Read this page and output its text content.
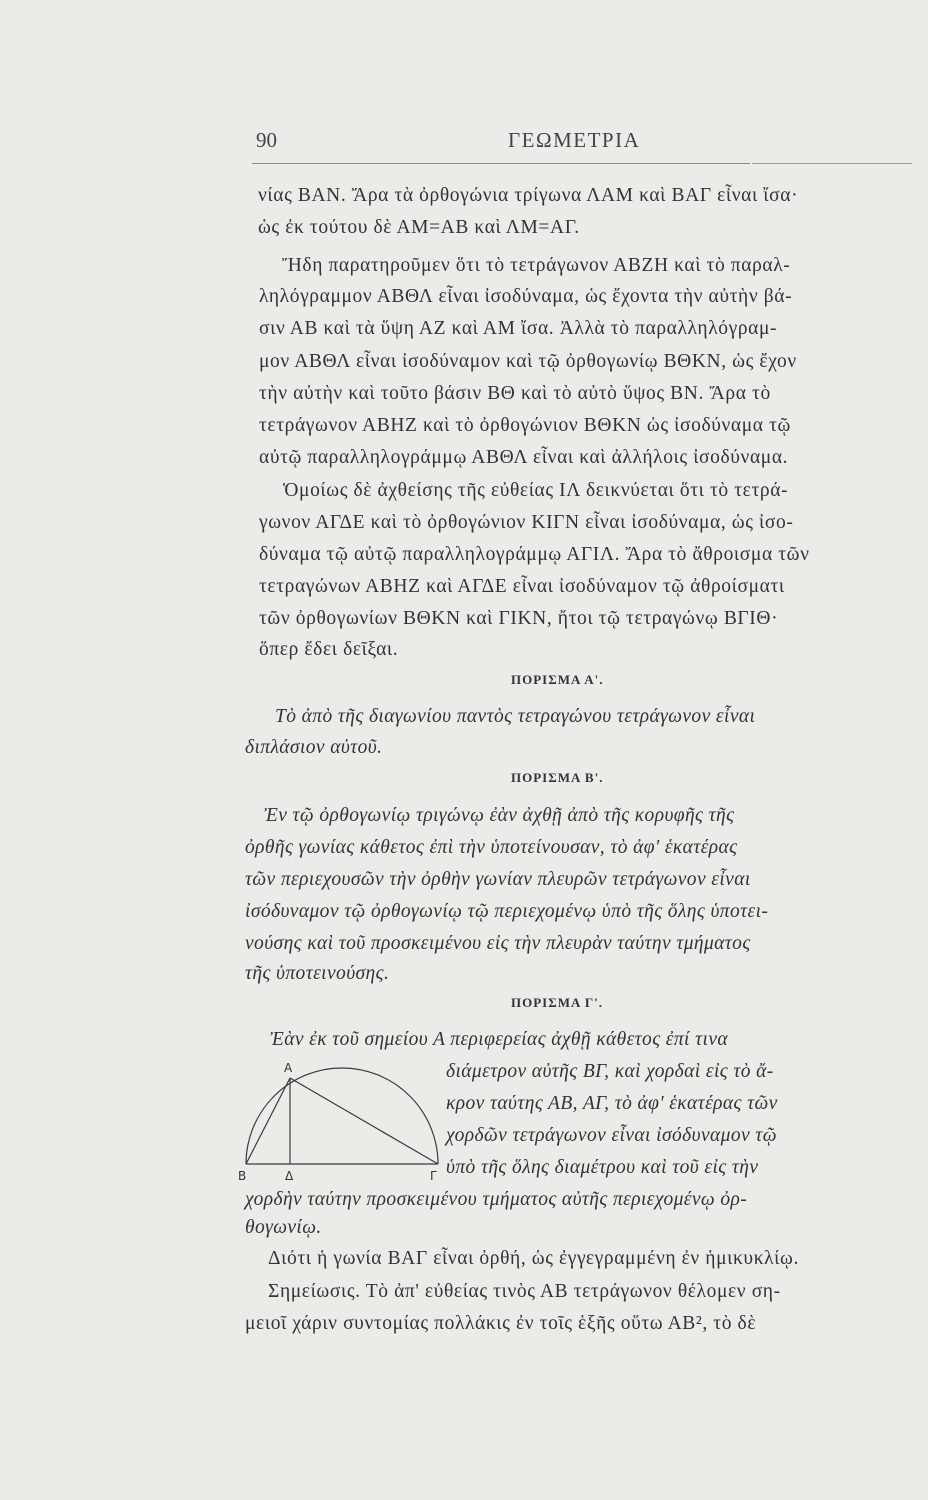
90	ΓΕΩΜΕΤΡΙΑ
νίας ΒΑΝ. Ἄρα τὰ ὀρθογώνια τρίγωνα ΛΑΜ καὶ ΒΑΓ εἶναι ἴσα·
ὡς ἐκ τούτου δὲ ΑΜ=ΑΒ καὶ ΛΜ=ΑΓ.
Ἤδη παρατηροῦμεν ὅτι τὸ τετράγωνον ΑΒΖΗ καὶ τὸ παραλ-
ληλόγραμμον ΑΒΘΛ εἶναι ἰσοδύναμα, ὡς ἔχοντα τὴν αὐτὴν βά-
σιν ΑΒ καὶ τὰ ὕψη ΑΖ καὶ ΑΜ ἴσα. Ἀλλὰ τὸ παραλληλόγραμ-
μον ΑΒΘΛ εἶναι ἰσοδύναμον καὶ τῷ ὀρθογωνίῳ ΒΘΚΝ, ὡς ἔχον
τὴν αὐτὴν καὶ τοῦτο βάσιν ΒΘ καὶ τὸ αὐτὸ ὕψος ΒΝ. Ἄρα τὸ
τετράγωνον ΑΒΗΖ καὶ τὸ ὀρθογώνιον ΒΘΚΝ ὡς ἰσοδύναμα τῷ
αὐτῷ παραλληλογράμμῳ ΑΒΘΛ εἶναι καὶ ἀλλήλοις ἰσοδύναμα.
Ὁμοίως δὲ ἀχθείσης τῆς εὐθείας ΙΛ δεικνύεται ὅτι τὸ τετρά-
γωνον ΑΓΔΕ καὶ τὸ ὀρθογώνιον ΚΙΓΝ εἶναι ἰσοδύναμα, ὡς ἰσο-
δύναμα τῷ αὐτῷ παραλληλογράμμῳ ΑΓΙΛ. Ἄρα τὸ ἄθροισμα τῶν
τετραγώνων ΑΒΗΖ καὶ ΑΓΔΕ εἶναι ἰσοδύναμον τῷ ἀθροίσματι
τῶν ὀρθογωνίων ΒΘΚΝ καὶ ΓΙΚΝ, ἤτοι τῷ τετραγώνῳ ΒΓΙΘ·
ὅπερ ἔδει δεῖξαι.
ΠΟΡΙΣΜΑ Α'.
Τὸ ἀπὸ τῆς διαγωνίου παντὸς τετραγώνου τετράγωνον εἶναι
διπλάσιον αὐτοῦ.
ΠΟΡΙΣΜΑ Β'.
Ἐν τῷ ὀρθογωνίῳ τριγώνῳ ἐὰν ἀχθῇ ἀπὸ τῆς κορυφῆς τῆς
ὀρθῆς γωνίας κάθετος ἐπὶ τὴν ὑποτείνουσαν, τὸ ἀφ' ἑκατέρας
τῶν περιεχουσῶν τὴν ὀρθὴν γωνίαν πλευρῶν τετράγωνον εἶναι
ἰσόδυναμον τῷ ὀρθογωνίῳ τῷ περιεχομένῳ ὑπὸ τῆς ὅλης ὑποτει-
νούσης καὶ τοῦ προσκειμένου εἰς τὴν πλευρὰν ταύτην τμήματος
τῆς ὑποτεινούσης.
ΠΟΡΙΣΜΑ Γ'.
Ἐὰν ἐκ τοῦ σημείου Α περιφερείας ἀχθῇ κάθετος ἐπί τινα
διάμετρον αὐτῆς ΒΓ, καὶ χορδαὶ εἰς τὸ ἄ-
κρον ταύτης ΑΒ, ΑΓ, τὸ ἀφ' ἑκατέρας τῶν
χορδῶν τετράγωνον εἶναι ἰσόδυναμον τῷ
ὑπὸ τῆς ὅλης διαμέτρου καὶ τοῦ εἰς τὴν
χορδὴν ταύτην προσκειμένου τμήματος αὐτῆς περιεχομένῳ ὀρ-
θογωνίῳ.
Α
Β	Δ	Γ
Διότι ἡ γωνία ΒΑΓ εἶναι ὀρθή, ὡς ἐγγεγραμμένη ἐν ἡμικυκλίῳ.
Σημείωσις. Τὸ ἀπ' εὐθείας τινὸς ΑΒ τετράγωνον θέλομεν ση-
μειοῖ χάριν συντομίας πολλάκις ἐν τοῖς ἑξῆς οὕτω ΑΒ², τὸ δὲ
